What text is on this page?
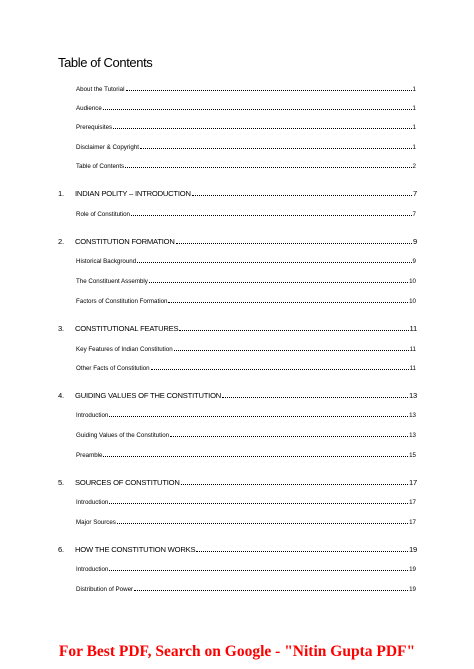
Table of Contents
About the Tutorial	1
Audience	1
Prerequisites	1
Disclaimer & Copyright	1
Table of Contents	2
1.	INDIAN POLITY – INTRODUCTION	7
Role of Constitution	7
2.	CONSTITUTION FORMATION	9
Historical Background	9
The Constituent Assembly	10
Factors of Constitution Formation	10
3.	CONSTITUTIONAL FEATURES	11
Key Features of Indian Constitution	11
Other Facts of Constitution	11
4.	GUIDING VALUES OF THE CONSTITUTION	13
Introduction	13
Guiding Values of the Constitution	13
Preamble	15
5.	SOURCES OF CONSTITUTION	17
Introduction	17
Major Sources	17
6.	HOW THE CONSTITUTION WORKS	19
Introduction	19
Distribution of Power	19
For Best PDF, Search on Google - "Nitin Gupta PDF"
